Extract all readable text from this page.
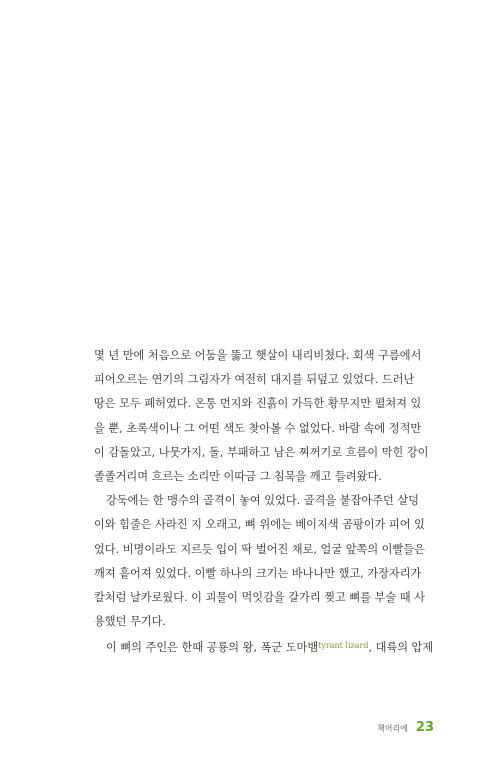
몇 년 만에 처음으로 어둠을 뚫고 햇살이 내리비쳤다. 회색 구름에서
피어오르는 연기의 그림자가 여전히 대지를 뒤덮고 있었다. 드러난
땅은 모두 폐허였다. 온통 먼지와 진흙이 가득한 황무지만 펼쳐져 있
을 뿐, 초록색이나 그 어떤 색도 찾아볼 수 없었다. 바람 속에 정적만
이 감돌았고, 나뭇가지, 돌, 부패하고 남은 찌꺼기로 흐름이 막힌 강이
졸졸거리며 흐르는 소리만 이따금 그 침묵을 깨고 들려왔다.

강둑에는 한 맹수의 골격이 놓여 있었다. 골격을 붙잡아주던 살덩
이와 힘줄은 사라진 지 오래고, 뼈 위에는 베이지색 곰팡이가 피어 있
었다. 비명이라도 지르듯 입이 딱 벌어진 채로, 얼굴 앞쪽의 이빨들은
깨져 흩어져 있었다. 이빨 하나의 크기는 바나나만 했고, 가장자리가
칼처럼 날카로웠다. 이 괴물이 먹잇감을 갈가리 찢고 뼈를 부술 때 사
용했던 무기다.

이 뼈의 주인은 한때 공룡의 왕, 폭군 도마뱀$^{tyrant lizard}$, 대륙의 압제

책머리에 23
